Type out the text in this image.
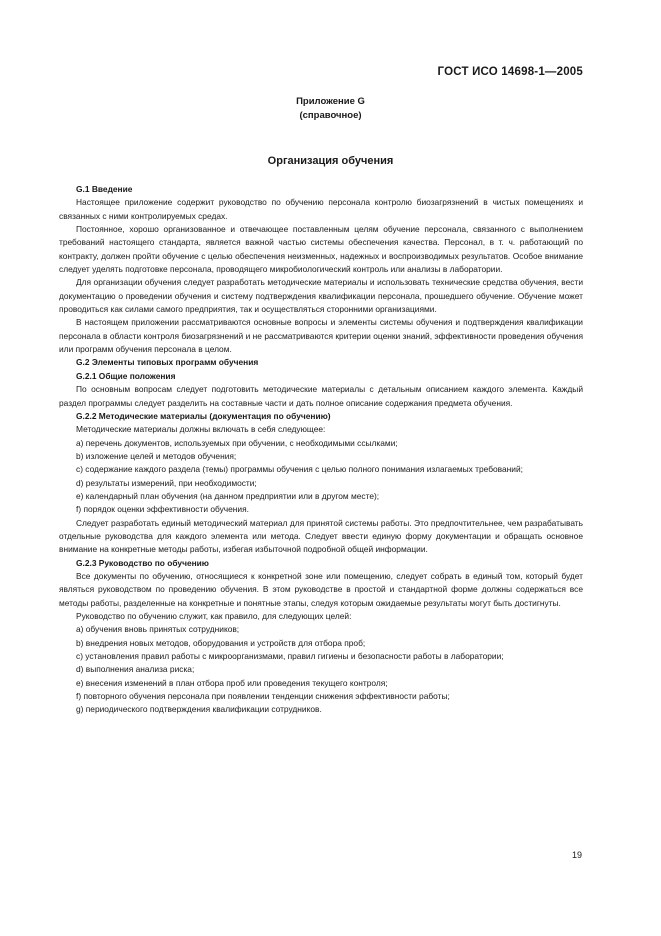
ГОСТ ИСО 14698-1—2005
Приложение G
(справочное)
Организация обучения
G.1 Введение
Настоящее приложение содержит руководство по обучению персонала контролю биозагрязнений в чистых помещениях и связанных с ними контролируемых средах.
Постоянное, хорошо организованное и отвечающее поставленным целям обучение персонала, связанного с выполнением требований настоящего стандарта, является важной частью системы обеспечения качества. Персонал, в т. ч. работающий по контракту, должен пройти обучение с целью обеспечения неизменных, надежных и воспроизводимых результатов. Особое внимание следует уделять подготовке персонала, проводящего микробиологический контроль или анализы в лаборатории.
Для организации обучения следует разработать методические материалы и использовать технические средства обучения, вести документацию о проведении обучения и систему подтверждения квалификации персонала, прошедшего обучение. Обучение может проводиться как силами самого предприятия, так и осуществляться сторонними организациями.
В настоящем приложении рассматриваются основные вопросы и элементы системы обучения и подтверждения квалификации персонала в области контроля биозагрязнений и не рассматриваются критерии оценки знаний, эффективности проведения обучения или программ обучения персонала в целом.
G.2 Элементы типовых программ обучения
G.2.1 Общие положения
По основным вопросам следует подготовить методические материалы с детальным описанием каждого элемента. Каждый раздел программы следует разделить на составные части и дать полное описание содержания предмета обучения.
G.2.2 Методические материалы (документация по обучению)
Методические материалы должны включать в себя следующее:
a) перечень документов, используемых при обучении, с необходимыми ссылками;
b) изложение целей и методов обучения;
c) содержание каждого раздела (темы) программы обучения с целью полного понимания излагаемых требований;
d) результаты измерений, при необходимости;
e) календарный план обучения (на данном предприятии или в другом месте);
f) порядок оценки эффективности обучения.
Следует разработать единый методический материал для принятой системы работы. Это предпочтительнее, чем разрабатывать отдельные руководства для каждого элемента или метода. Следует ввести единую форму документации и обращать основное внимание на конкретные методы работы, избегая избыточной подробной общей информации.
G.2.3 Руководство по обучению
Все документы по обучению, относящиеся к конкретной зоне или помещению, следует собрать в единый том, который будет являться руководством по проведению обучения. В этом руководстве в простой и стандартной форме должны содержаться все методы работы, разделенные на конкретные и понятные этапы, следуя которым ожидаемые результаты могут быть достигнуты.
Руководство по обучению служит, как правило, для следующих целей:
a) обучения вновь принятых сотрудников;
b) внедрения новых методов, оборудования и устройств для отбора проб;
c) установления правил работы с микроорганизмами, правил гигиены и безопасности работы в лаборатории;
d) выполнения анализа риска;
e) внесения изменений в план отбора проб или проведения текущего контроля;
f) повторного обучения персонала при появлении тенденции снижения эффективности работы;
g) периодического подтверждения квалификации сотрудников.
19
